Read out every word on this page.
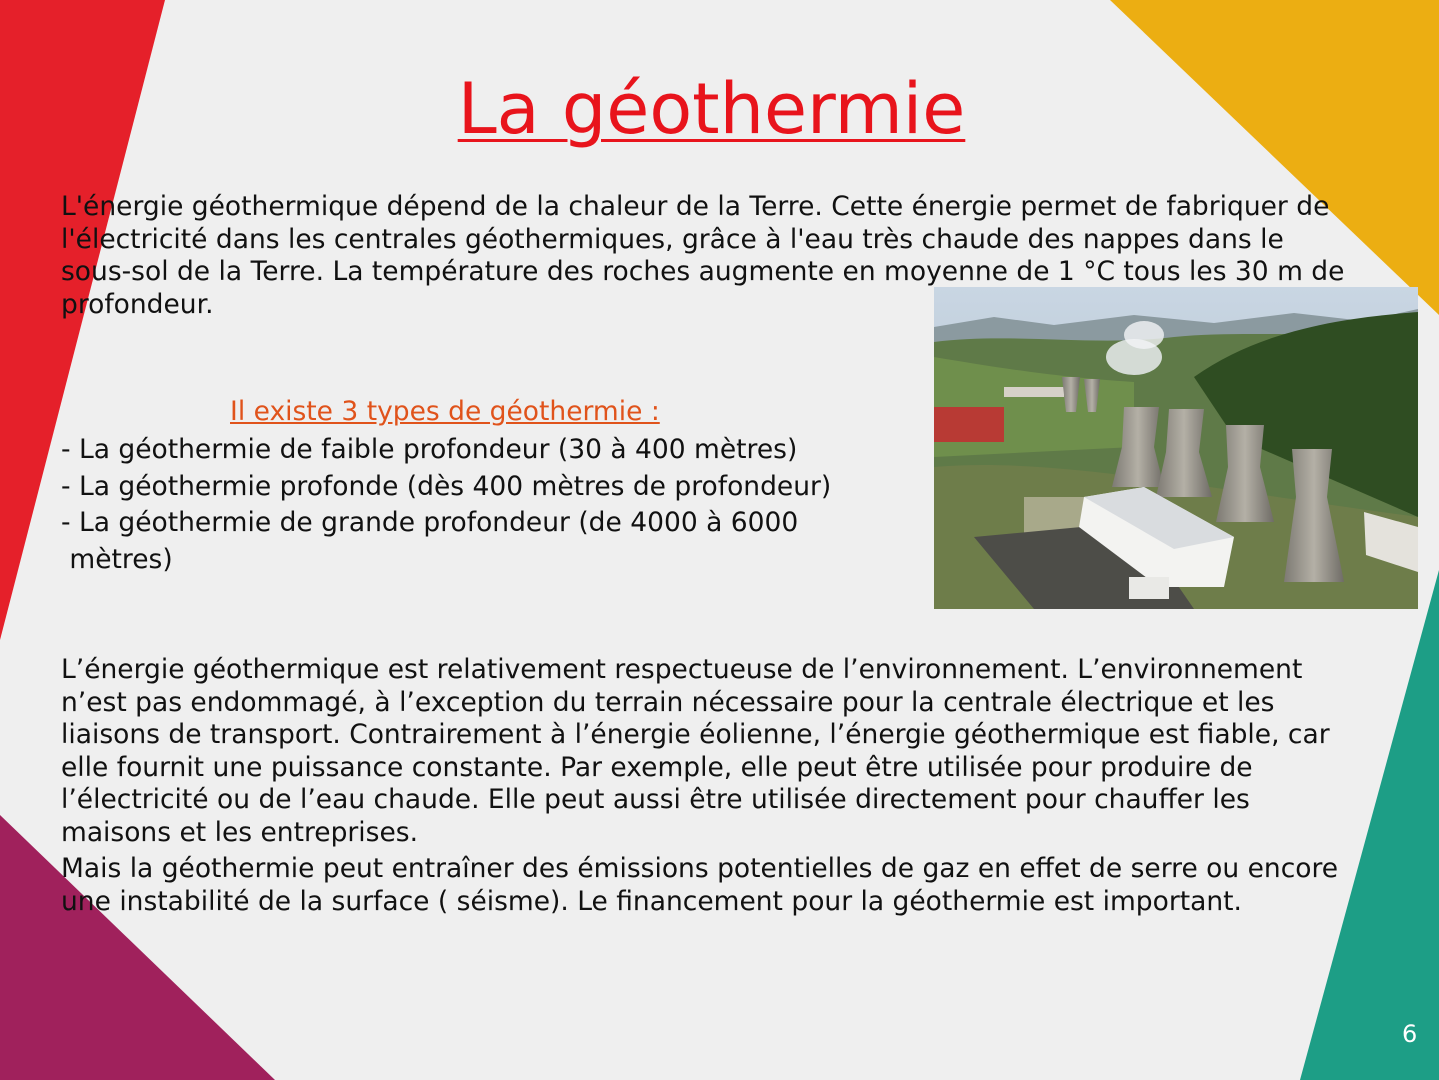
La géothermie

L'énergie géothermique dépend de la chaleur de la Terre. Cette énergie permet de fabriquer de
l'électricité dans les centrales géothermiques, grâce à l'eau très chaude des nappes dans le
sous-sol de la Terre. La température des roches augmente en moyenne de 1 °C tous les 30 m de
profondeur.

Il existe 3 types de géothermie :

- La géothermie de faible profondeur (30 à 400 mètres)
- La géothermie profonde (dès 400 mètres de profondeur)
- La géothermie de grande profondeur (de 4000 à 6000
mètres)

L’énergie géothermique est relativement respectueuse de l’environnement. L’environnement
n’est pas endommagé, à l’exception du terrain nécessaire pour la centrale électrique et les
liaisons de transport. Contrairement à l’énergie éolienne, l’énergie géothermique est fiable, car
elle fournit une puissance constante. Par exemple, elle peut être utilisée pour produire de
l’électricité ou de l’eau chaude. Elle peut aussi être utilisée directement pour chauffer les
maisons et les entreprises.

Mais la géothermie peut entraîner des émissions potentielles de gaz en effet de serre ou encore
une instabilité de la surface ( séisme). Le financement pour la géothermie est important.

6
